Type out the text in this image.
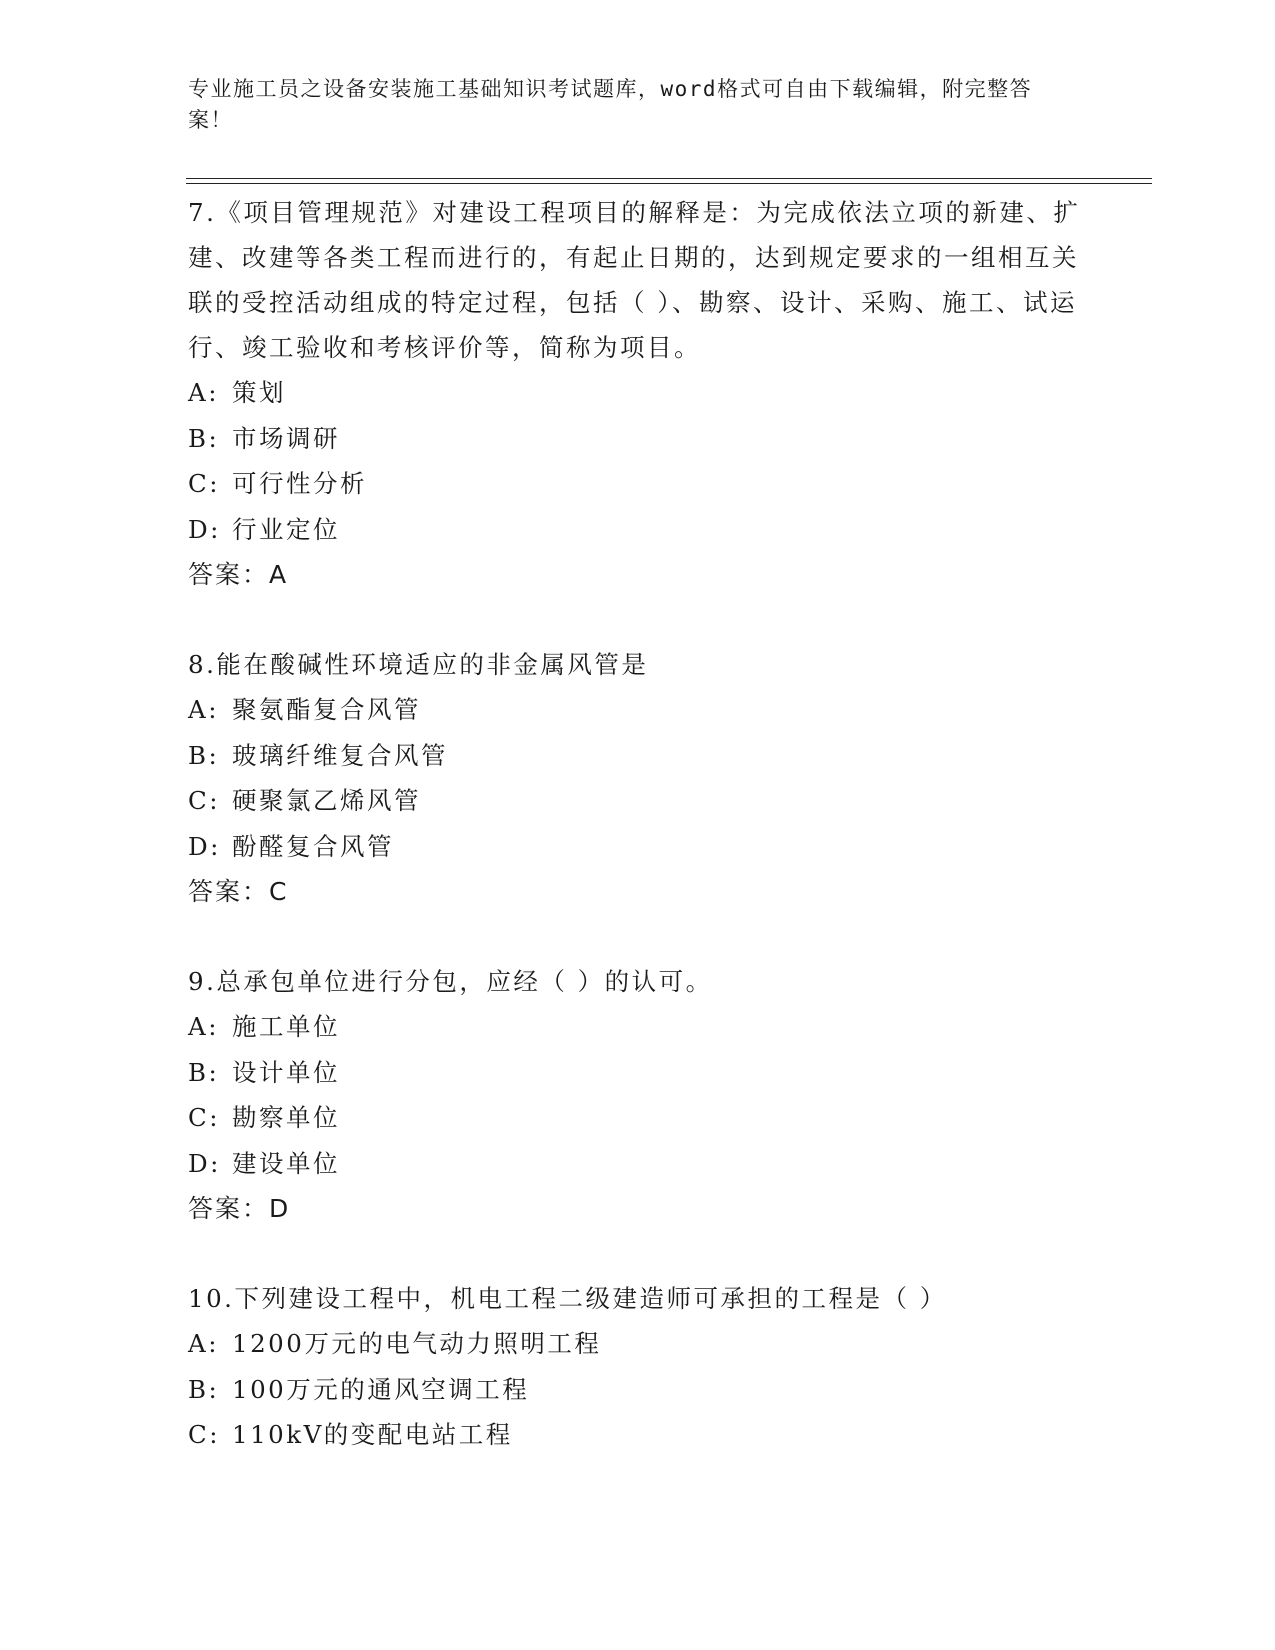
专业施工员之设备安装施工基础知识考试题库，word格式可自由下载编辑，附完整答案！

7.《项目管理规范》对建设工程项目的解释是：为完成依法立项的新建、扩建、改建等各类工程而进行的，有起止日期的，达到规定要求的一组相互关联的受控活动组成的特定过程，包括（ ）、勘察、设计、采购、施工、试运行、竣工验收和考核评价等，简称为项目。

A: 策划

B: 市场调研

C: 可行性分析

D: 行业定位

答案：A

8.能在酸碱性环境适应的非金属风管是

A: 聚氨酯复合风管

B: 玻璃纤维复合风管

C: 硬聚氯乙烯风管

D: 酚醛复合风管

答案：C

9.总承包单位进行分包，应经（ ）的认可。

A: 施工单位

B: 设计单位

C: 勘察单位

D: 建设单位

答案：D

10.下列建设工程中，机电工程二级建造师可承担的工程是（ ）

A: 1200万元的电气动力照明工程

B: 100万元的通风空调工程

C: 110kV的变配电站工程
